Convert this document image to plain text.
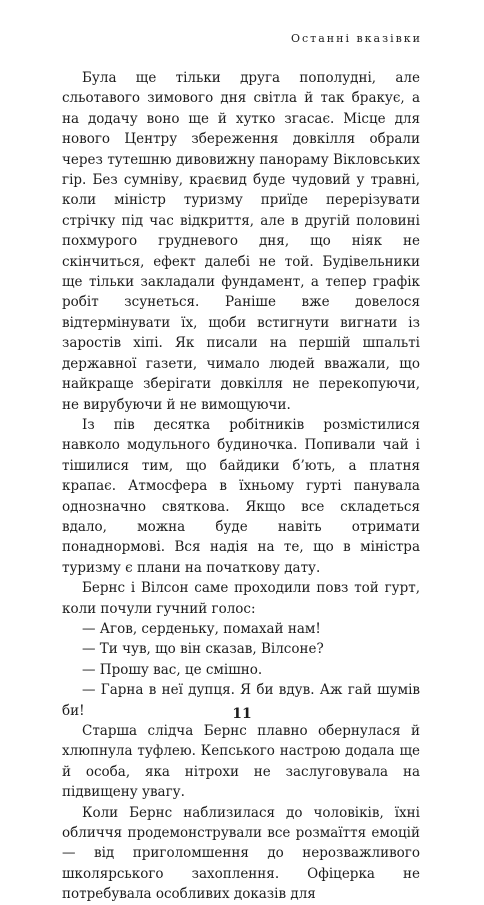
Останні вказівки

Була ще тільки друга пополудні, але сльотавого зимового дня світла й так бракує, а на додачу воно ще й хутко згасає. Місце для нового Центру збереження довкілля обрали через тутешню дивовижну панораму Вікловських гір. Без сумніву, краєвид буде чудовий у травні, коли міністр туризму приїде перерізувати стрічку під час відкриття, але в другій половині похмурого грудневого дня, що ніяк не скінчиться, ефект далебі не той. Будівельники ще тільки закладали фундамент, а тепер графік робіт зсунеться. Раніше вже довелося відтермінувати їх, щоби встигнути вигнати із заростів хіпі. Як писали на першій шпальті державної газети, чимало людей вважали, що найкраще зберігати довкілля не перекопуючи, не вирубуючи й не вимощуючи.

Із пів десятка робітників розмістилися навколо модульного будиночка. Попивали чай і тішилися тим, що байдики б’ють, а платня крапає. Атмосфера в їхньому гурті панувала однозначно святкова. Якщо все складеться вдало, можна буде навіть отримати понаднормові. Вся надія на те, що в міністра туризму є плани на початкову дату.

Бернс і Вілсон саме проходили повз той гурт, коли почули гучний голос:

— Агов, серденьку, помахай нам!

— Ти чув, що він сказав, Вілсоне?

— Прошу вас, це смішно.

— Гарна в неї дупця. Я би вдув. Аж гай шумів би!

Старша слідча Бернс плавно обернулася й хлюпнула туфлею. Кепського настрою додала ще й особа, яка нітрохи не заслуговувала на підвищену увагу.

Коли Бернс наблизилася до чоловіків, їхні обличчя продемонстрували все розмаїття емоцій — від приголомшення до нерозважливого школярського захоплення. Офіцерка не потребувала особливих доказів для

11
